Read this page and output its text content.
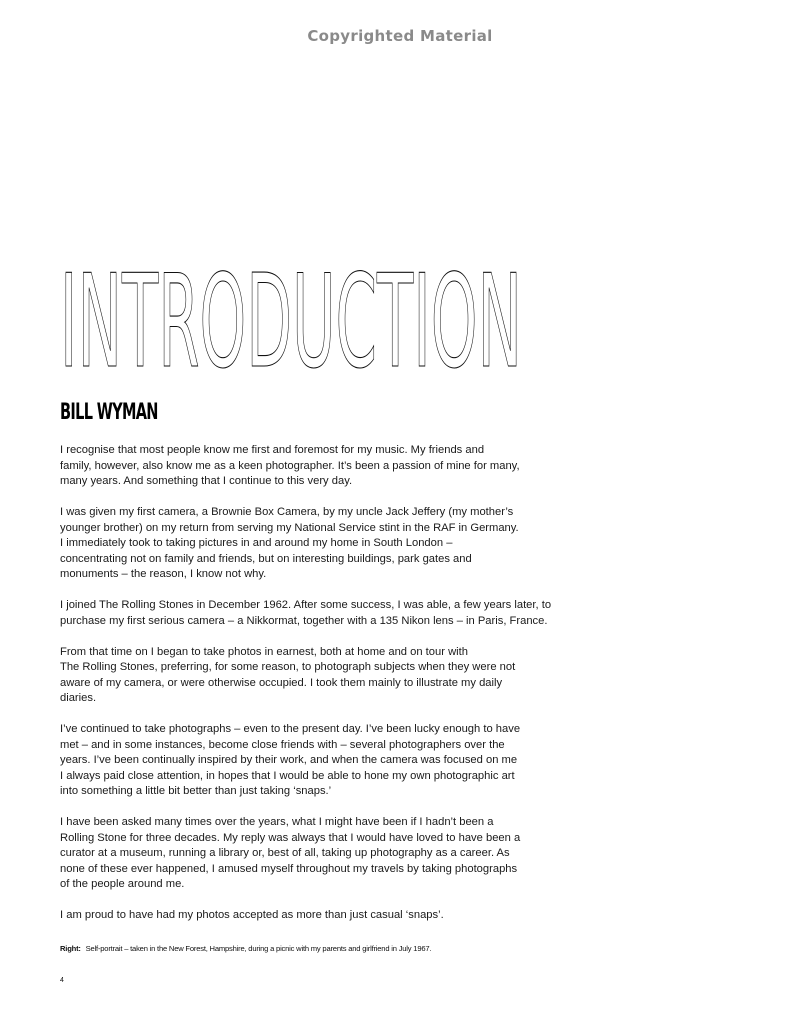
Copyrighted Material
INTRODUCTION
BILL WYMAN

I recognise that most people know me first and foremost for my music. My friends and
family, however, also know me as a keen photographer. It’s been a passion of mine for many,
many years. And something that I continue to this very day.

I was given my first camera, a Brownie Box Camera, by my uncle Jack Jeffery (my mother’s
younger brother) on my return from serving my National Service stint in the RAF in Germany.
I immediately took to taking pictures in and around my home in South London –
concentrating not on family and friends, but on interesting buildings, park gates and
monuments – the reason, I know not why.

I joined The Rolling Stones in December 1962. After some success, I was able, a few years later, to
purchase my first serious camera – a Nikkormat, together with a 135 Nikon lens – in Paris, France.

From that time on I began to take photos in earnest, both at home and on tour with
The Rolling Stones, preferring, for some reason, to photograph subjects when they were not
aware of my camera, or were otherwise occupied. I took them mainly to illustrate my daily
diaries.

I’ve continued to take photographs – even to the present day. I’ve been lucky enough to have
met – and in some instances, become close friends with – several photographers over the
years. I’ve been continually inspired by their work, and when the camera was focused on me
I always paid close attention, in hopes that I would be able to hone my own photographic art
into something a little bit better than just taking ‘snaps.’

I have been asked many times over the years, what I might have been if I hadn’t been a
Rolling Stone for three decades. My reply was always that I would have loved to have been a
curator at a museum, running a library or, best of all, taking up photography as a career. As
none of these ever happened, I amused myself throughout my travels by taking photographs
of the people around me.

I am proud to have had my photos accepted as more than just casual ‘snaps’.

Right: Self-portrait – taken in the New Forest, Hampshire, during a picnic with my parents and girlfriend in July 1967.
4
